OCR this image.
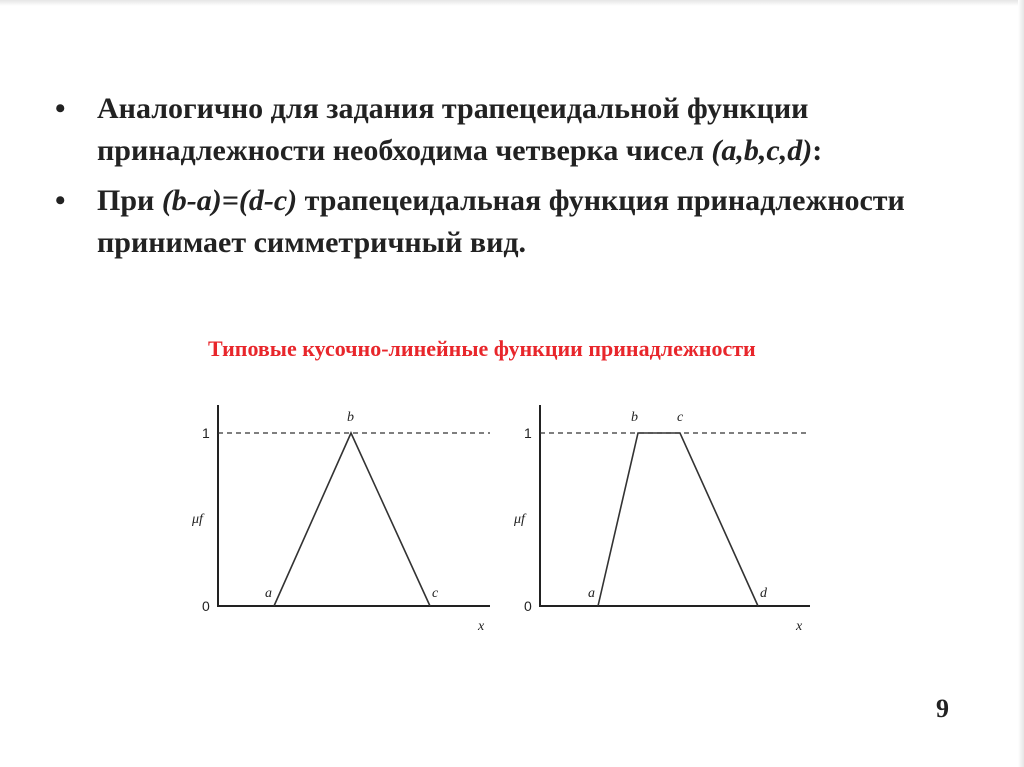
• Аналогично для задания трапецеидальной функции принадлежности необходима четверка чисел (a,b,c,d):
• При (b-a)=(d-c) трапецеидальная функция принадлежности принимает симметричный вид.
Типовые кусочно-линейные функции принадлежности
1
0
μf
x
a
b
c
1
0
μf
x
a
b	c
d
9
